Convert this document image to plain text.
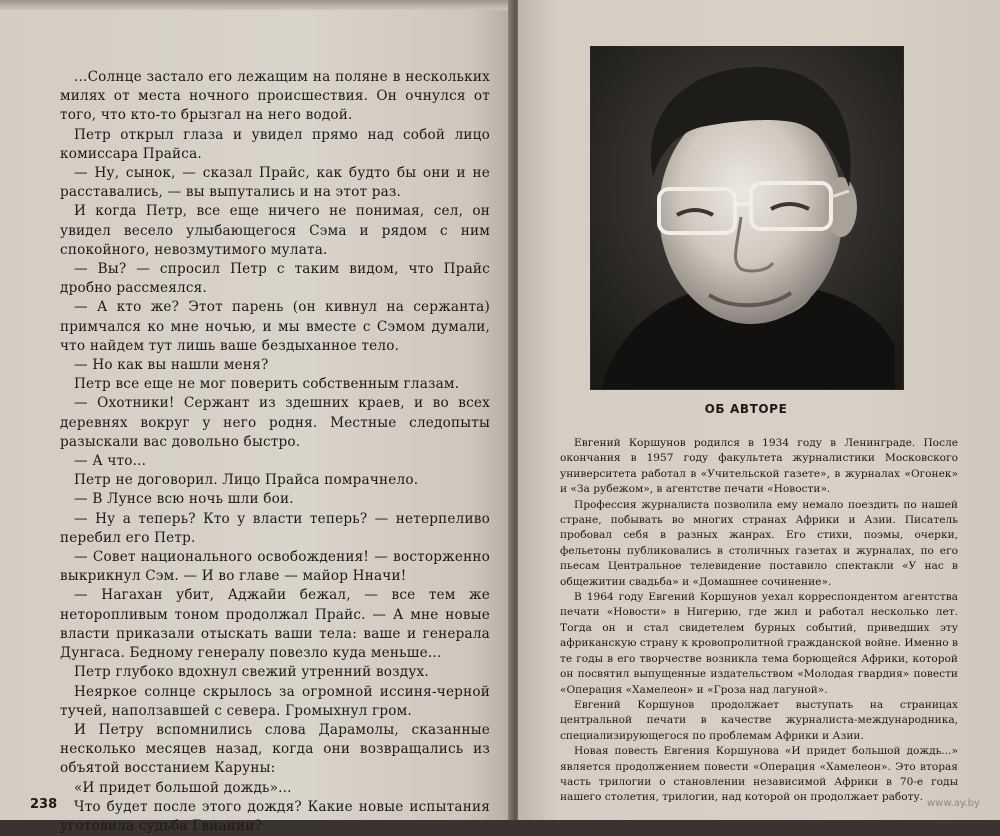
...Солнце застало его лежащим на поляне в нескольких милях от места ночного происшествия. Он очнулся от того, что кто-то брызгал на него водой.

Петр открыл глаза и увидел прямо над собой лицо комиссара Прайса.

— Ну, сынок, — сказал Прайс, как будто бы они и не расставались, — вы выпутались и на этот раз.

И когда Петр, все еще ничего не понимая, сел, он увидел весело улыбающегося Сэма и рядом с ним спокойного, невозмутимого мулата.

— Вы? — спросил Петр с таким видом, что Прайс дробно рассмеялся.

— А кто же? Этот парень (он кивнул на сержанта) примчался ко мне ночью, и мы вместе с Сэмом думали, что найдем тут лишь ваше бездыханное тело.

— Но как вы нашли меня?

Петр все еще не мог поверить собственным глазам.

— Охотники! Сержант из здешних краев, и во всех деревнях вокруг у него родня. Местные следопыты разыскали вас довольно быстро.

— А что...

Петр не договорил. Лицо Прайса помрачнело.

— В Лунсе всю ночь шли бои.

— Ну а теперь? Кто у власти теперь? — нетерпеливо перебил его Петр.

— Совет национального освобождения! — восторженно выкрикнул Сэм. — И во главе — майор Нначи!

— Нагахан убит, Аджайи бежал, — все тем же неторопливым тоном продолжал Прайс. — А мне новые власти приказали отыскать ваши тела: ваше и генерала Дунгаса. Бедному генералу повезло куда меньше...

Петр глубоко вдохнул свежий утренний воздух.

Неяркое солнце скрылось за огромной иссиня-черной тучей, наползавшей с севера. Громыхнул гром.

И Петру вспомнились слова Дарамолы, сказанные несколько месяцев назад, когда они возвращались из объятой восстанием Каруны:

«И придет большой дождь»...

Что будет после этого дождя? Какие новые испытания уготовила судьба Гвиании?

238
ОБ АВТОРЕ

Евгений Коршунов родился в 1934 году в Ленинграде. После окончания в 1957 году факультета журналистики Московского университета работал в «Учительской газете», в журналах «Огонек» и «За рубежом», в агентстве печати «Новости».

Профессия журналиста позволила ему немало поездить по нашей стране, побывать во многих странах Африки и Азии. Писатель пробовал себя в разных жанрах. Его стихи, поэмы, очерки, фельетоны публиковались в столичных газетах и журналах, по его пьесам Центральное телевидение поставило спектакли «У нас в общежитии свадьба» и «Домашнее сочинение».

В 1964 году Евгений Коршунов уехал корреспондентом агентства печати «Новости» в Нигерию, где жил и работал несколько лет. Тогда он и стал свидетелем бурных событий, приведших эту африканскую страну к кровопролитной гражданской войне. Именно в те годы в его творчестве возникла тема борющейся Африки, которой он посвятил выпущенные издательством «Молодая гвардия» повести «Операция «Хамелеон» и «Гроза над лагуной».

Евгений Коршунов продолжает выступать на страницах центральной печати в качестве журналиста-международника, специализирующегося по проблемам Африки и Азии.

Новая повесть Евгения Коршунова «И придет большой дождь...» является продолжением повести «Операция «Хамелеон». Это вторая часть трилогии о становлении независимой Африки в 70-е годы нашего столетия, трилогии, над которой он продолжает работу.

www.ay.by
